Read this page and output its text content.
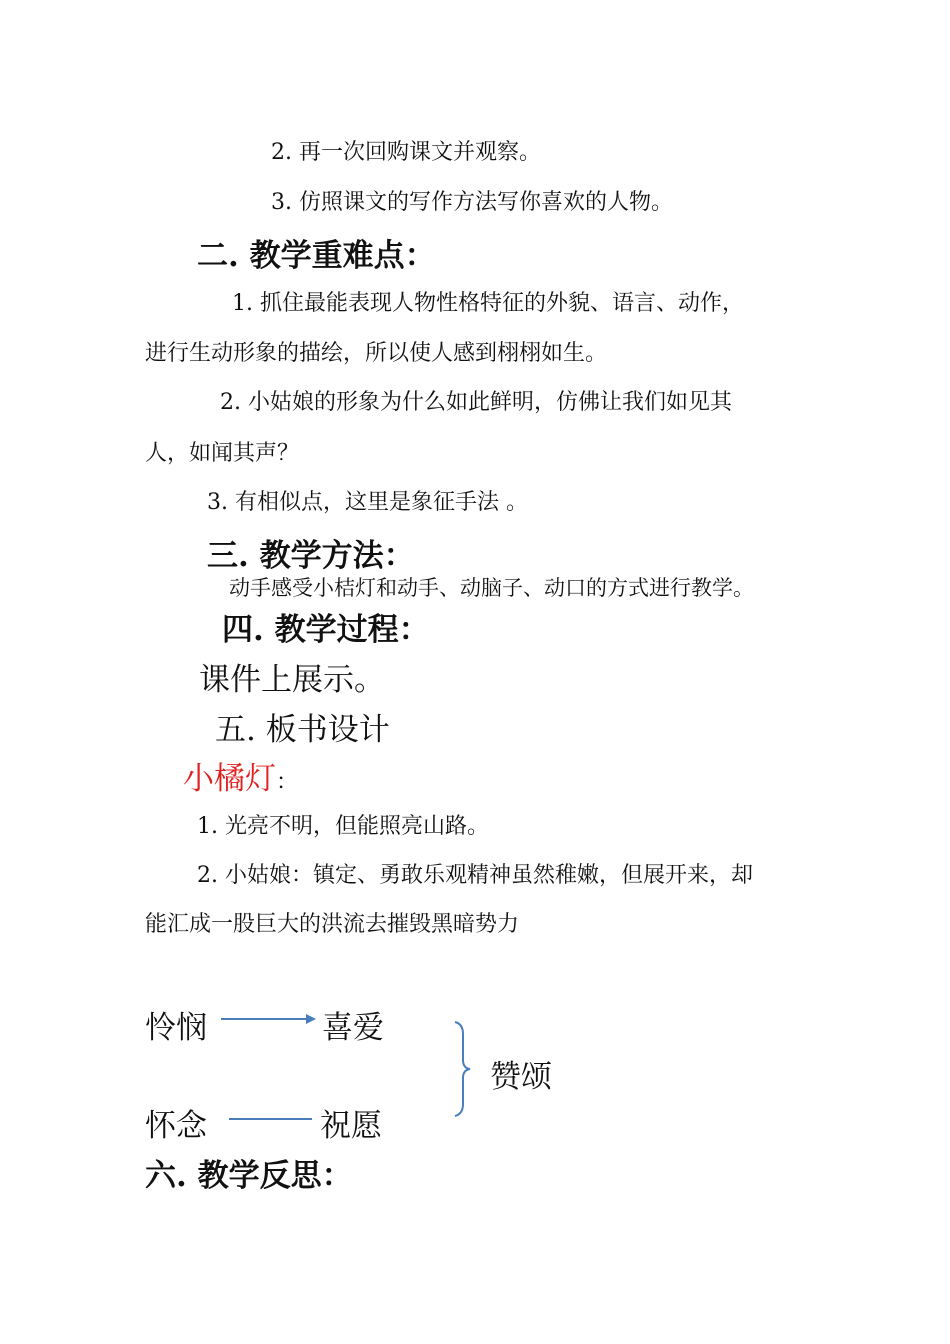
2. 再一次回购课文并观察。

3. 仿照课文的写作方法写你喜欢的人物。

二. 教学重难点：

1. 抓住最能表现人物性格特征的外貌、语言、动作，

进行生动形象的描绘，所以使人感到栩栩如生。

2. 小姑娘的形象为什么如此鲜明，仿佛让我们如见其

人，如闻其声？

3. 有相似点，这里是象征手法 。

三. 教学方法：

动手感受小桔灯和动手、动脑子、动口的方式进行教学。

四. 教学过程：

课件上展示。

五. 板书设计

小橘灯：

1. 光亮不明，但能照亮山路。

2. 小姑娘：镇定、勇敢乐观精神虽然稚嫩，但展开来，却

能汇成一股巨大的洪流去摧毁黑暗势力

怜悯	喜爱

怀念	祝愿

赞颂

六. 教学反思：
